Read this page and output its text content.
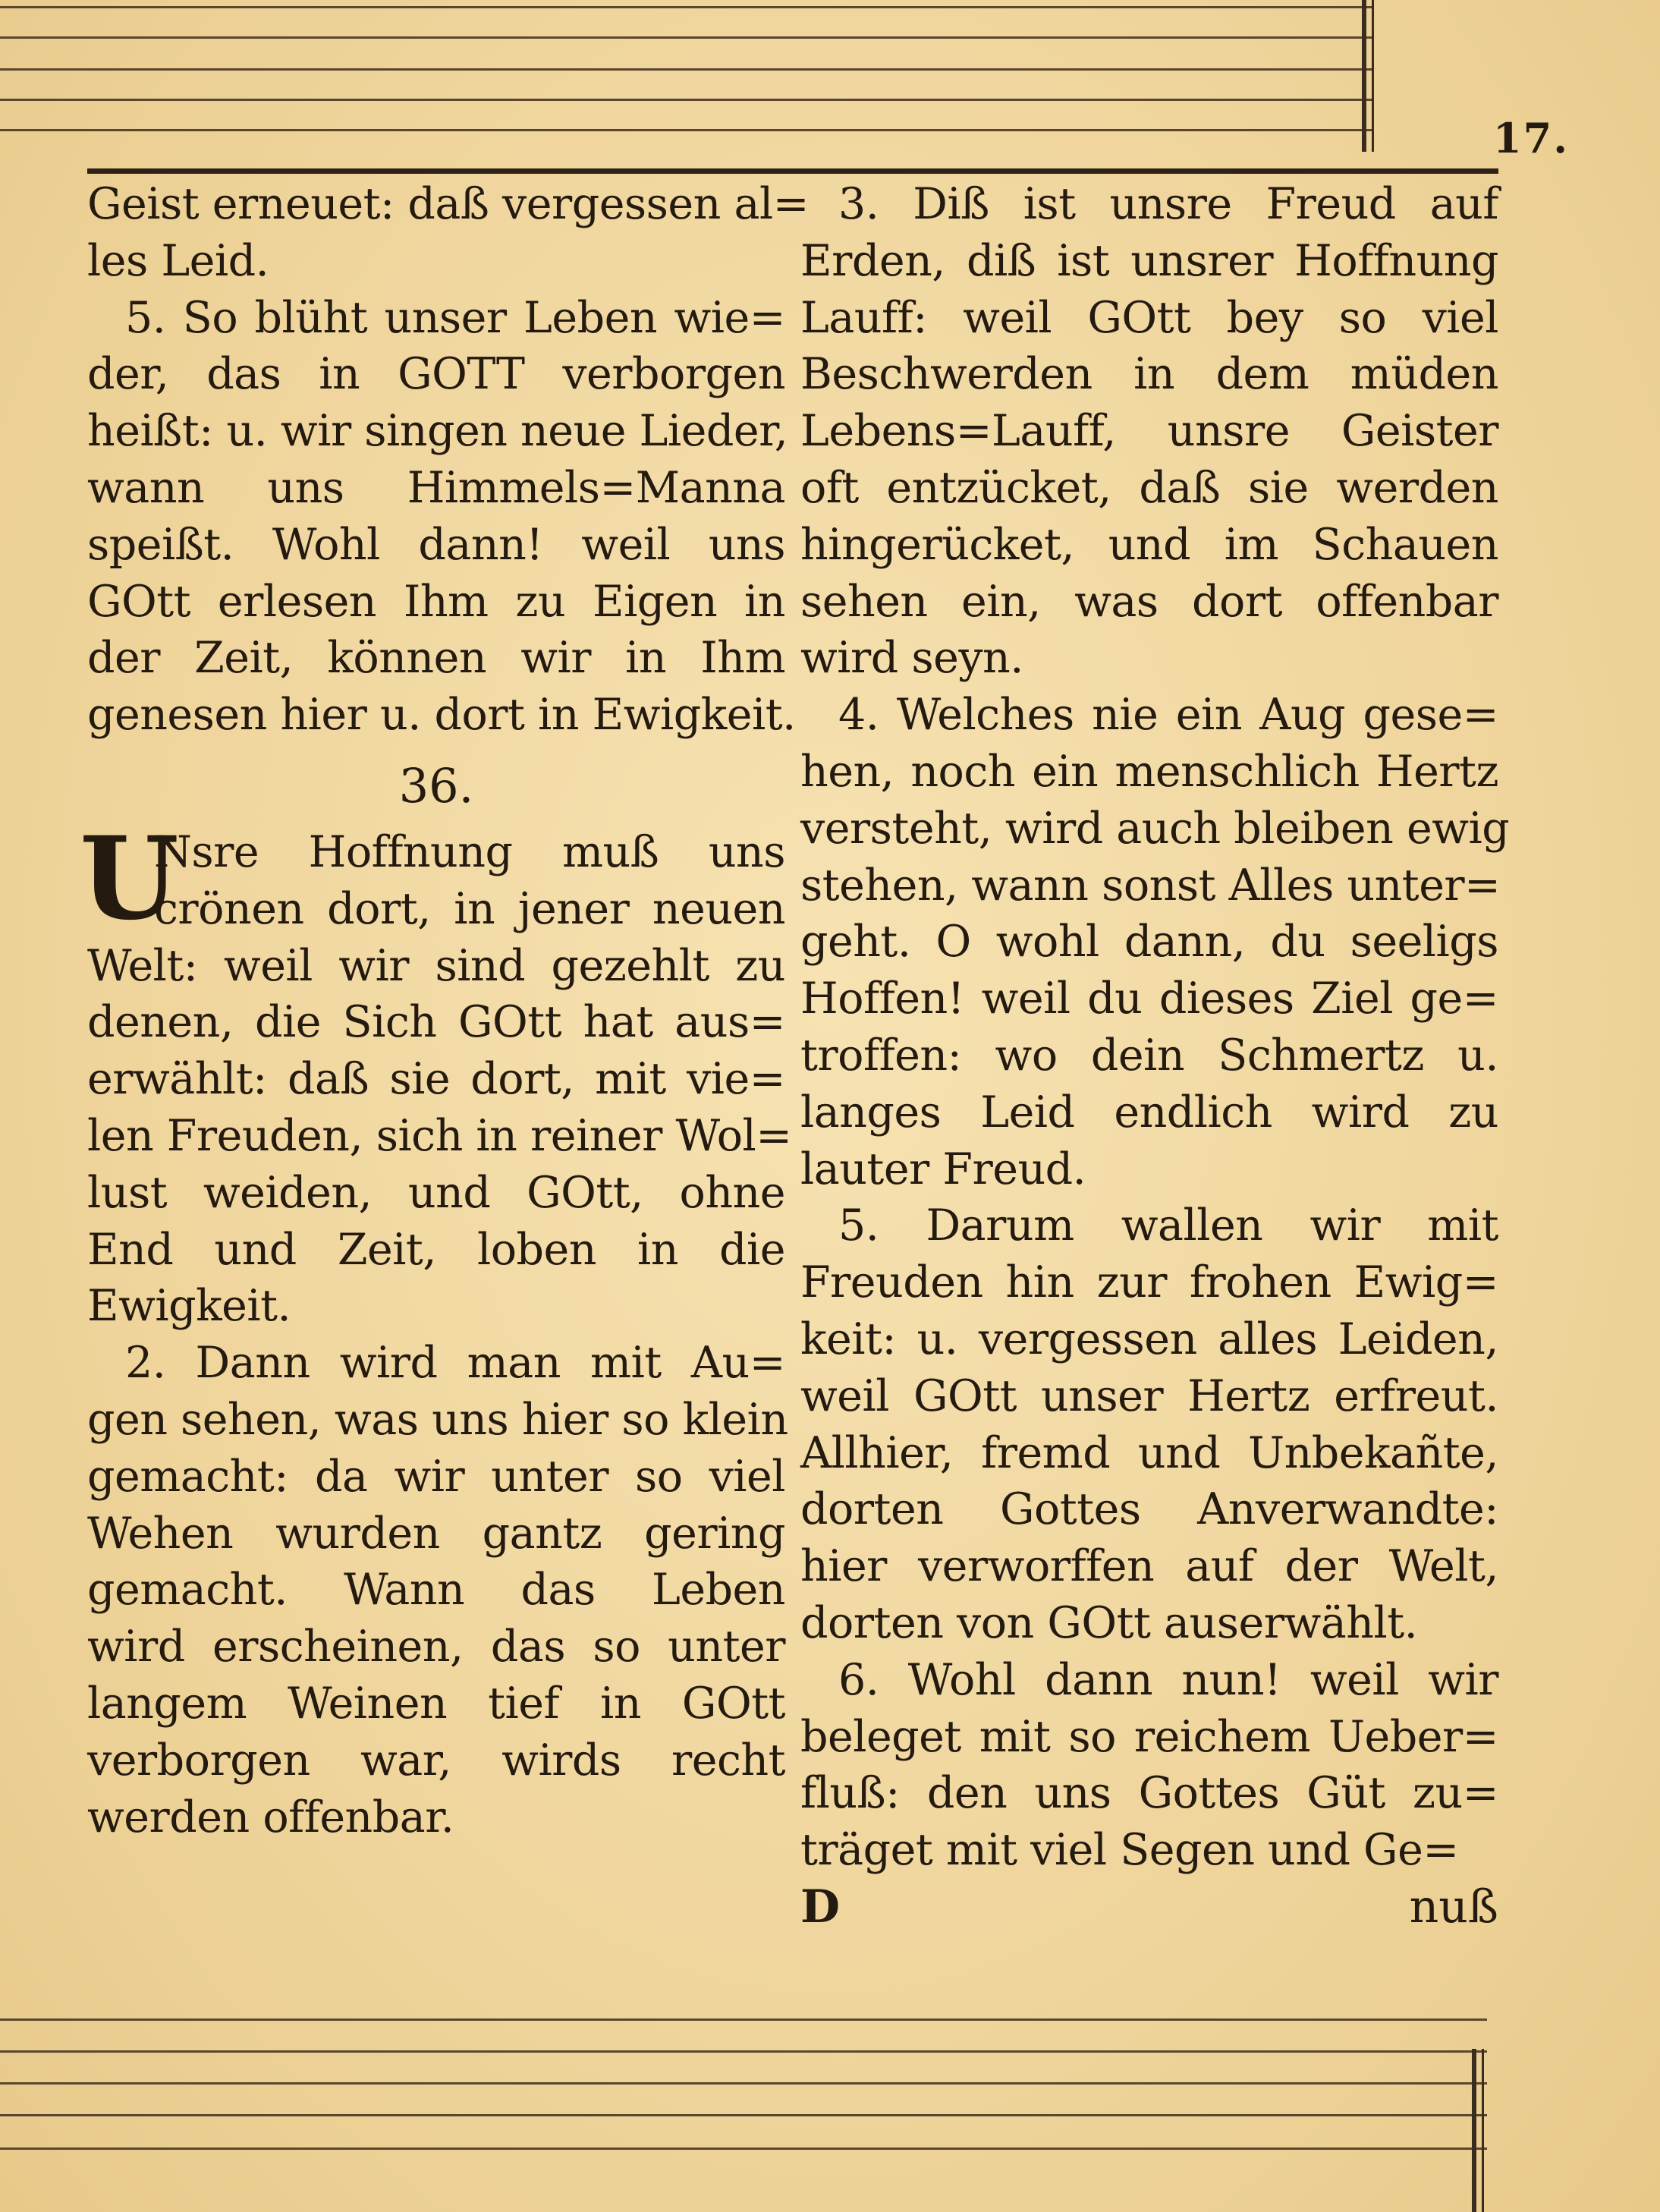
17.
Geist erneuet: daß vergessen al=
les Leid.
5. So blüht unser Leben wie=
der, das in GOTT verborgen
heißt: u. wir singen neue Lieder,
wann uns Himmels=Manna
speißt. Wohl dann! weil uns
GOtt erlesen Ihm zu Eigen in
der Zeit, können wir in Ihm
genesen hier u. dort in Ewigkeit.
36.
U
Nsre Hoffnung muß uns
crönen dort, in jener neuen
Welt: weil wir sind gezehlt zu
denen, die Sich GOtt hat aus=
erwählt: daß sie dort, mit vie=
len Freuden, sich in reiner Wol=
lust weiden, und GOtt, ohne
End und Zeit, loben in die
Ewigkeit.
2. Dann wird man mit Au=
gen sehen, was uns hier so klein
gemacht: da wir unter so viel
Wehen wurden gantz gering
gemacht. Wann das Leben
wird erscheinen, das so unter
langem Weinen tief in GOtt
verborgen war, wirds recht
werden offenbar.
3. Diß ist unsre Freud auf
Erden, diß ist unsrer Hoffnung
Lauff: weil GOtt bey so viel
Beschwerden in dem müden
Lebens=Lauff, unsre Geister
oft entzücket, daß sie werden
hingerücket, und im Schauen
sehen ein, was dort offenbar
wird seyn.
4. Welches nie ein Aug gese=
hen, noch ein menschlich Hertz
versteht, wird auch bleiben ewig
stehen, wann sonst Alles unter=
geht. O wohl dann, du seeligs
Hoffen! weil du dieses Ziel ge=
troffen: wo dein Schmertz u.
langes Leid endlich wird zu
lauter Freud.
5. Darum wallen wir mit
Freuden hin zur frohen Ewig=
keit: u. vergessen alles Leiden,
weil GOtt unser Hertz erfreut.
Allhier, fremd und Unbekañte,
dorten Gottes Anverwandte:
hier verworffen auf der Welt,
dorten von GOtt auserwählt.
6. Wohl dann nun! weil wir
beleget mit so reichem Ueber=
fluß: den uns Gottes Güt zu=
träget mit viel Segen und Ge=
D	nuß
